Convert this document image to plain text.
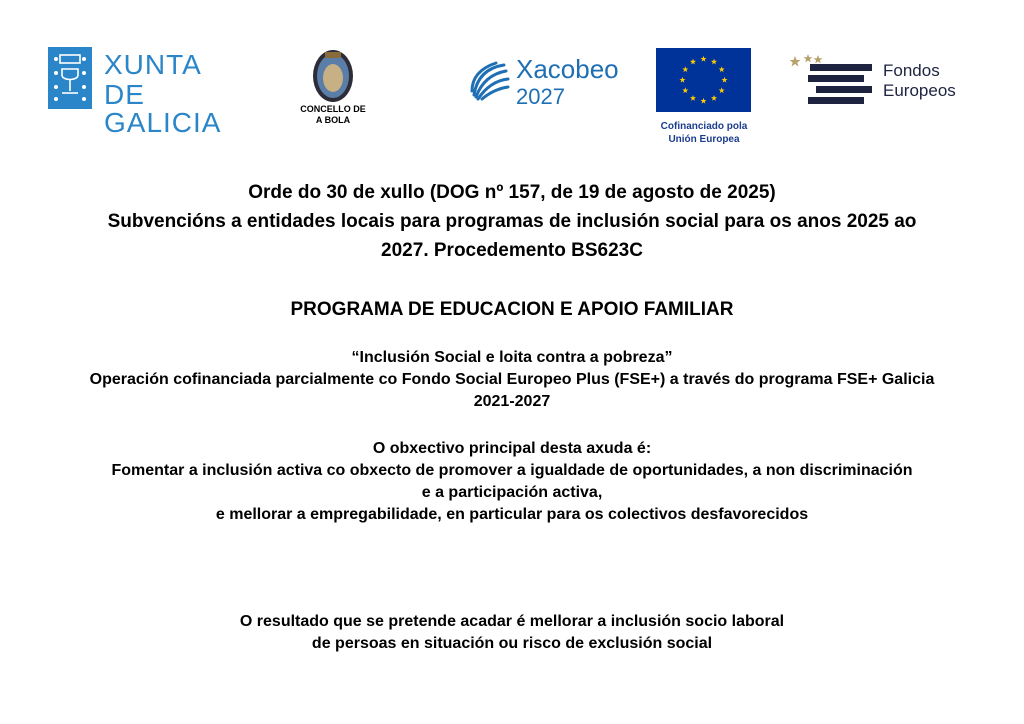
XUNTA
DE GALICIA	CONCELLO DE
A BOLA
Xacobeo
2027
Cofinanciado pola
Unión Europea
Fondos
Europeos
Orde do 30 de xullo (DOG nº 157, de 19 de agosto de 2025)
Subvencións a entidades locais para programas de inclusión social para os anos 2025 ao
2027. Procedemento BS623C
PROGRAMA DE EDUCACION E APOIO FAMILIAR
“Inclusión Social e loita contra a pobreza”
Operación cofinanciada parcialmente co Fondo Social Europeo Plus (FSE+) a través do programa FSE+ Galicia
2021-2027
O obxectivo principal desta axuda é:
Fomentar a inclusión activa co obxecto de promover a igualdade de oportunidades, a non discriminación
e a participación activa,
e mellorar a empregabilidade, en particular para os colectivos desfavorecidos
O resultado que se pretende acadar é mellorar a inclusión socio laboral
de persoas en situación ou risco de exclusión social
